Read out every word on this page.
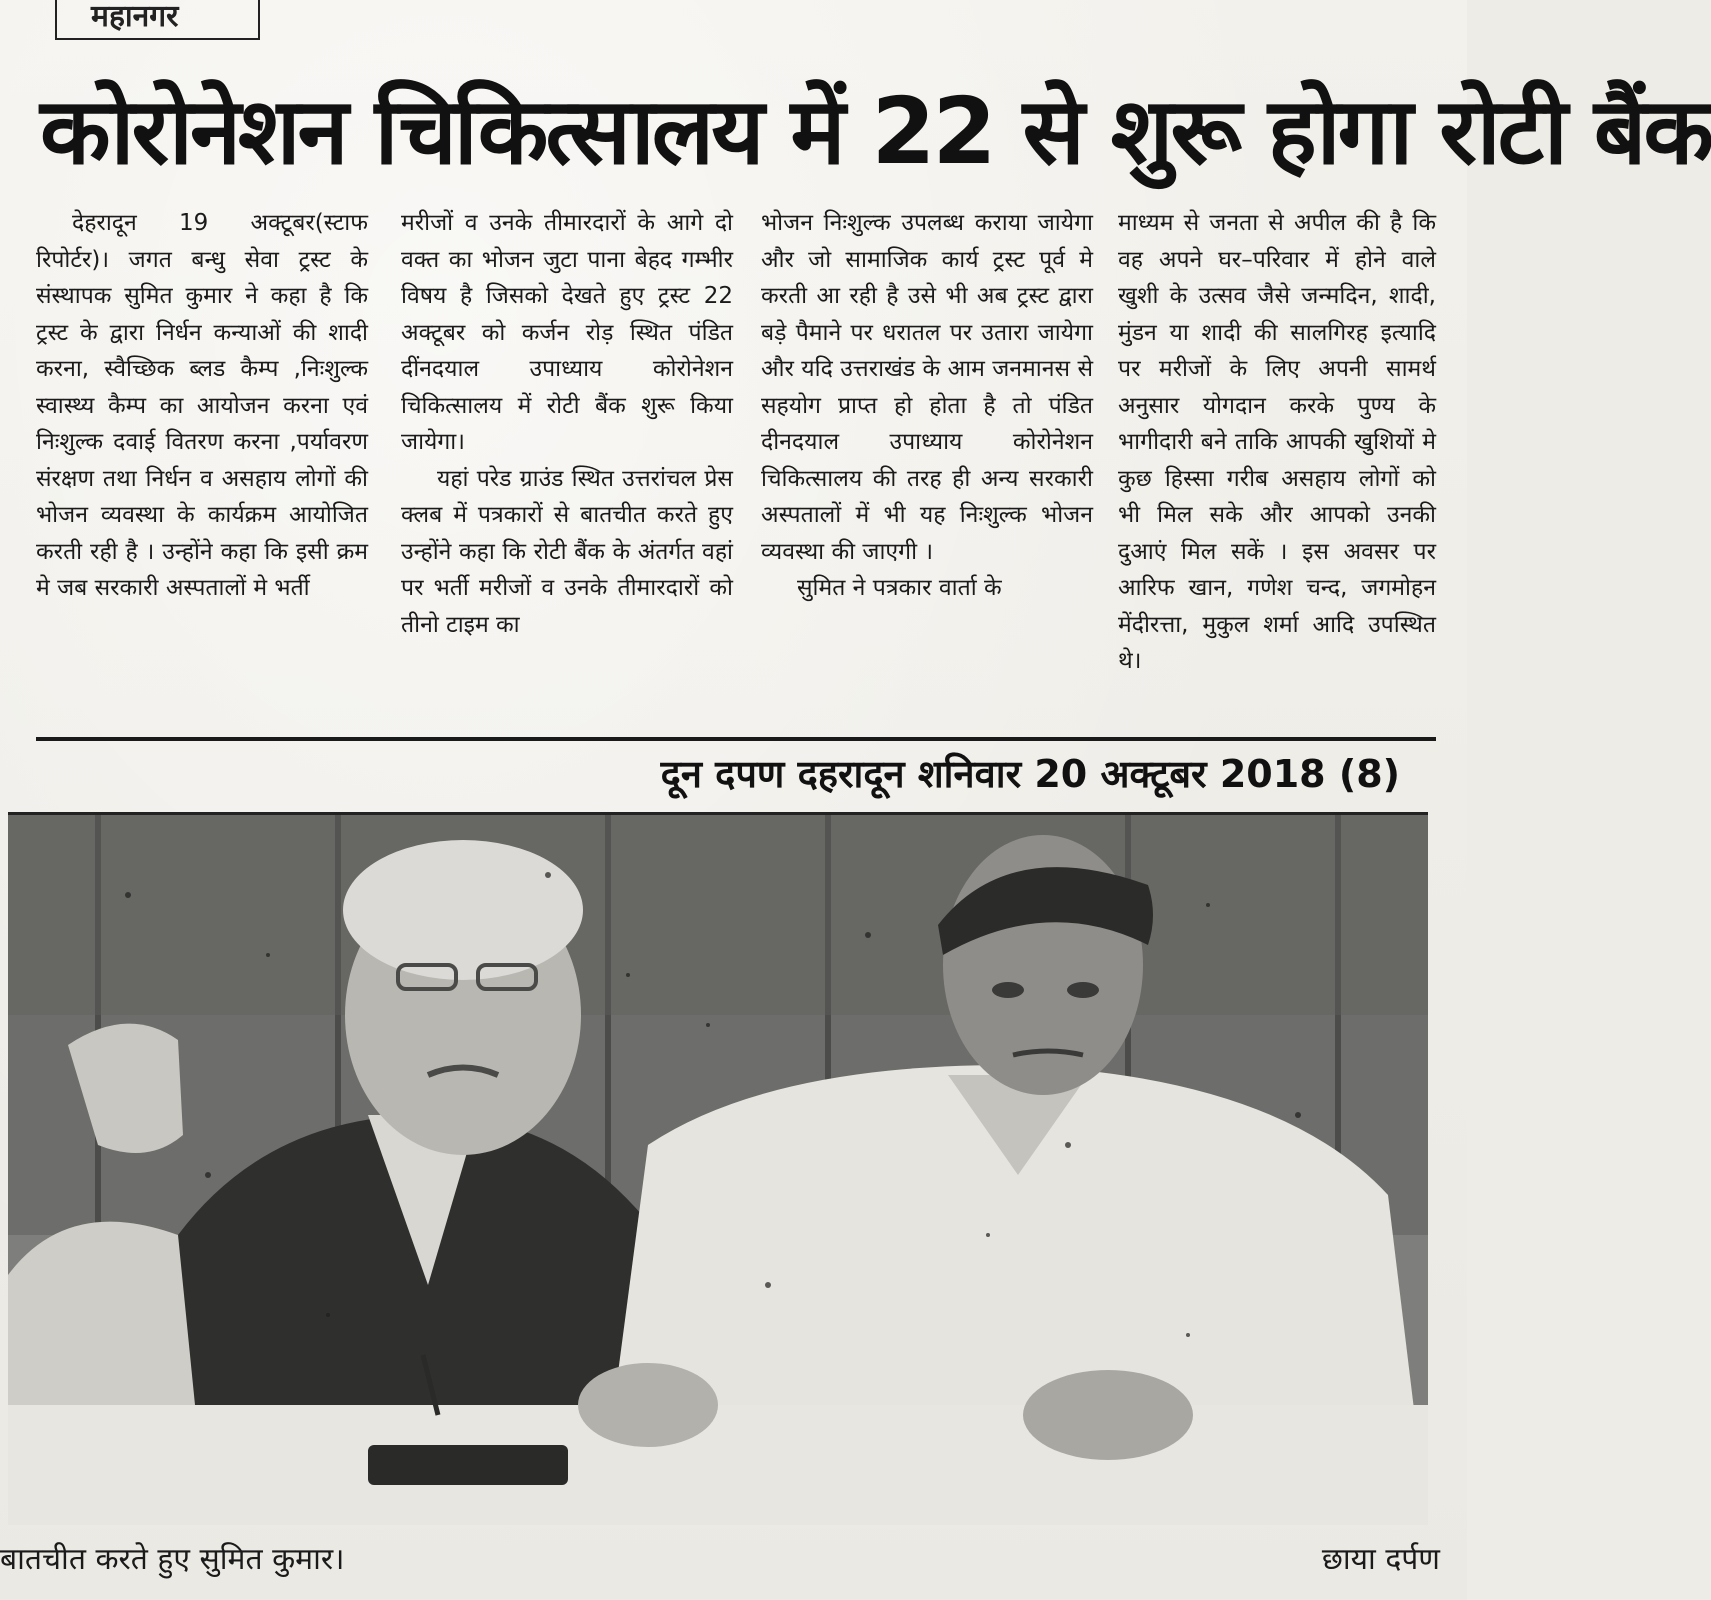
महानगर
कोरोनेशन चिकित्सालय में 22 से शुरू होगा रोटी बैंक

देहरादून 19 अक्टूबर(स्टाफ रिपोर्टर)। जगत बन्धु सेवा ट्रस्ट के संस्थापक सुमित कुमार ने कहा है कि ट्रस्ट के द्वारा निर्धन कन्याओं की शादी करना, स्वैच्छिक ब्लड कैम्प ,निःशुल्क स्वास्थ्य कैम्प का आयोजन करना एवं निःशुल्क दवाई वितरण करना ,पर्यावरण संरक्षण तथा निर्धन व असहाय लोगों की भोजन व्यवस्था के कार्यक्रम आयोजित करती रही है । उन्होंने कहा कि इसी क्रम मे जब सरकारी अस्पतालों मे भर्ती

मरीजों व उनके तीमारदारों के आगे दो वक्त का भोजन जुटा पाना बेहद गम्भीर विषय है जिसको देखते हुए ट्रस्ट 22 अक्टूबर को कर्जन रोड़ स्थित पंडित दींनदयाल उपाध्याय कोरोनेशन चिकित्सालय में रोटी बैंक शुरू किया जायेगा।

यहां परेड ग्राउंड स्थित उत्तरांचल प्रेस क्लब में पत्रकारों से बातचीत करते हुए उन्होंने कहा कि रोटी बैंक के अंतर्गत वहां पर भर्ती मरीजों व उनके तीमारदारों को तीनो टाइम का

भोजन निःशुल्क उपलब्ध कराया जायेगा और जो सामाजिक कार्य ट्रस्ट पूर्व मे करती आ रही है उसे भी अब ट्रस्ट द्वारा बड़े पैमाने पर धरातल पर उतारा जायेगा और यदि उत्तराखंड के आम जनमानस से सहयोग प्राप्त हो होता है तो पंडित दीनदयाल उपाध्याय कोरोनेशन चिकित्सालय की तरह ही अन्य सरकारी अस्पतालों में भी यह निःशुल्क भोजन व्यवस्था की जाएगी ।

सुमित ने पत्रकार वार्ता के

माध्यम से जनता से अपील की है कि वह अपने घर–परिवार में होने वाले खुशी के उत्सव जैसे जन्मदिन, शादी, मुंडन या शादी की सालगिरह इत्यादि पर मरीजों के लिए अपनी सामर्थ अनुसार योगदान करके पुण्य के भागीदारी बने ताकि आपकी खुशियों मे कुछ हिस्सा गरीब असहाय लोगों को भी मिल सके और आपको उनकी दुआएं मिल सकें । इस अवसर पर आरिफ खान, गणेश चन्द, जगमोहन मेंदीरत्ता, मुकुल शर्मा आदि उपस्थित थे।

दून दपण दहरादून शनिवार 20 अक्टूबर 2018 (8)
बातचीत करते हुए सुमित कुमार।	छाया दर्पण
